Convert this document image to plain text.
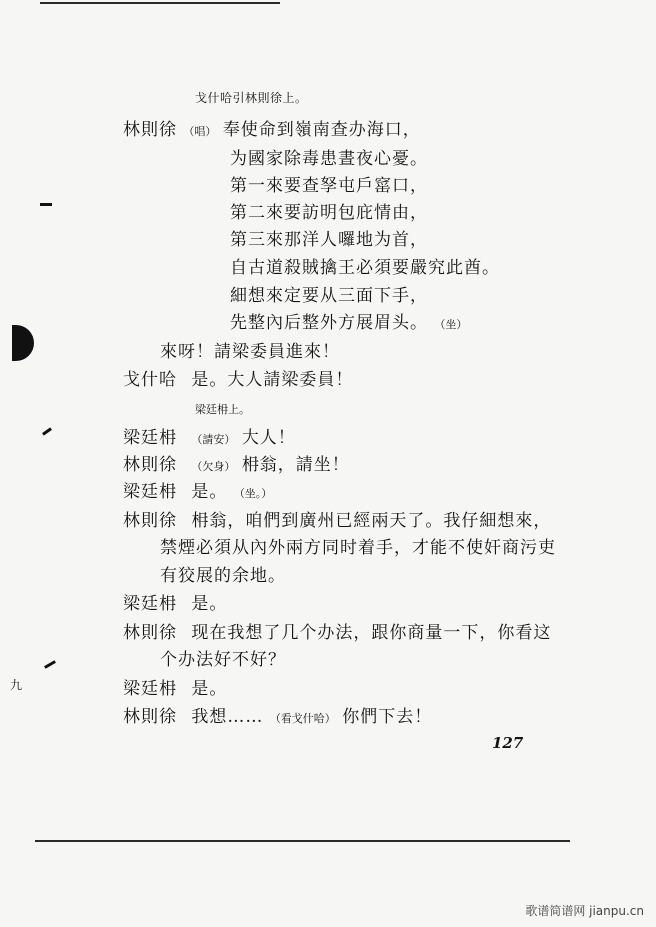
九
戈什哈引林則徐上。
林則徐 （唱） 奉使命到嶺南查办海口，
为國家除毒患晝夜心憂。
第一來要查孥屯戶窰口，
第二來要訪明包庇情由，
第三來那洋人囉地为首，
自古道殺賊擒王必須要嚴究此酋。
細想來定要从三面下手，
先整內后整外方展眉头。 （坐）
來呀！請梁委員進來！
戈什哈 是。大人請梁委員！
梁廷枏上。
梁廷枏 （請安） 大人！
林則徐 （欠身） 枏翁，請坐！
梁廷枏 是。 （坐。）
林則徐 枏翁，咱們到廣州已經兩天了。我仔細想來，
禁煙必須从內外兩方同时着手，才能不使奸商污吏
有狡展的余地。
梁廷枏 是。
林則徐 现在我想了几个办法，跟你商量一下，你看这
个办法好不好？
梁廷枏 是。
林則徐 我想…… （看戈什哈） 你們下去！
127
歌谱简谱网 jianpu.cn
